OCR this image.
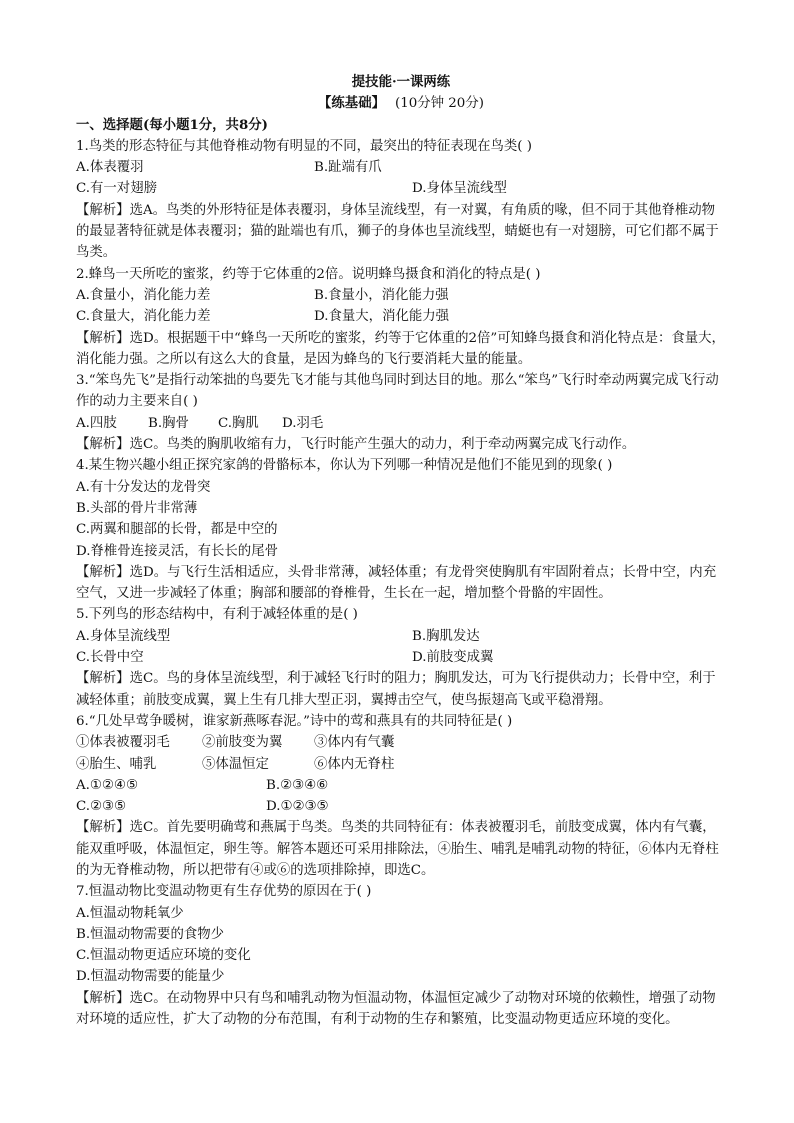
提技能·一课两练
【练基础】 (10分钟 20分)
一、选择题(每小题1分，共8分)
1.鸟类的形态特征与其他脊椎动物有明显的不同，最突出的特征表现在鸟类( )
A.体表覆羽	B.趾端有爪
C.有一对翅膀	D.身体呈流线型
【解析】选A。鸟类的外形特征是体表覆羽，身体呈流线型，有一对翼，有角质的喙，但不同于其他脊椎动物的最显著特征就是体表覆羽；猫的趾端也有爪，狮子的身体也呈流线型，蜻蜓也有一对翅膀，可它们都不属于鸟类。
2.蜂鸟一天所吃的蜜浆，约等于它体重的2倍。说明蜂鸟摄食和消化的特点是( )
A.食量小，消化能力差	B.食量小，消化能力强
C.食量大，消化能力差	D.食量大，消化能力强
【解析】选D。根据题干中“蜂鸟一天所吃的蜜浆，约等于它体重的2倍”可知蜂鸟摄食和消化特点是：食量大，消化能力强。之所以有这么大的食量，是因为蜂鸟的飞行要消耗大量的能量。
3.“笨鸟先飞”是指行动笨拙的鸟要先飞才能与其他鸟同时到达目的地。那么“笨鸟”飞行时牵动两翼完成飞行动作的动力主要来自( )
A.四肢	B.胸骨	C.胸肌	D.羽毛
【解析】选C。鸟类的胸肌收缩有力，飞行时能产生强大的动力，利于牵动两翼完成飞行动作。
4.某生物兴趣小组正探究家鸽的骨骼标本，你认为下列哪一种情况是他们不能见到的现象( )
A.有十分发达的龙骨突
B.头部的骨片非常薄
C.两翼和腿部的长骨，都是中空的
D.脊椎骨连接灵活，有长长的尾骨
【解析】选D。与飞行生活相适应，头骨非常薄，减轻体重；有龙骨突使胸肌有牢固附着点；长骨中空，内充空气，又进一步减轻了体重；胸部和腰部的脊椎骨，生长在一起，增加整个骨骼的牢固性。
5.下列鸟的形态结构中，有利于减轻体重的是( )
A.身体呈流线型	B.胸肌发达
C.长骨中空	D.前肢变成翼
【解析】选C。鸟的身体呈流线型，利于减轻飞行时的阻力；胸肌发达，可为飞行提供动力；长骨中空，利于减轻体重；前肢变成翼，翼上生有几排大型正羽，翼搏击空气，使鸟振翅高飞或平稳滑翔。
6.“几处早莺争暖树，谁家新燕啄春泥。”诗中的莺和燕具有的共同特征是( )
①体表被覆羽毛	②前肢变为翼	③体内有气囊
④胎生、哺乳	⑤体温恒定	⑥体内无脊柱
A.①②④⑤	B.②③④⑥
C.②③⑤	D.①②③⑤
【解析】选C。首先要明确莺和燕属于鸟类。鸟类的共同特征有：体表被覆羽毛，前肢变成翼，体内有气囊，能双重呼吸，体温恒定，卵生等。解答本题还可采用排除法，④胎生、哺乳是哺乳动物的特征，⑥体内无脊柱的为无脊椎动物，所以把带有④或⑥的选项排除掉，即选C。
7.恒温动物比变温动物更有生存优势的原因在于( )
A.恒温动物耗氧少
B.恒温动物需要的食物少
C.恒温动物更适应环境的变化
D.恒温动物需要的能量少
【解析】选C。在动物界中只有鸟和哺乳动物为恒温动物，体温恒定减少了动物对环境的依赖性，增强了动物对环境的适应性，扩大了动物的分布范围，有利于动物的生存和繁殖，比变温动物更适应环境的变化。
